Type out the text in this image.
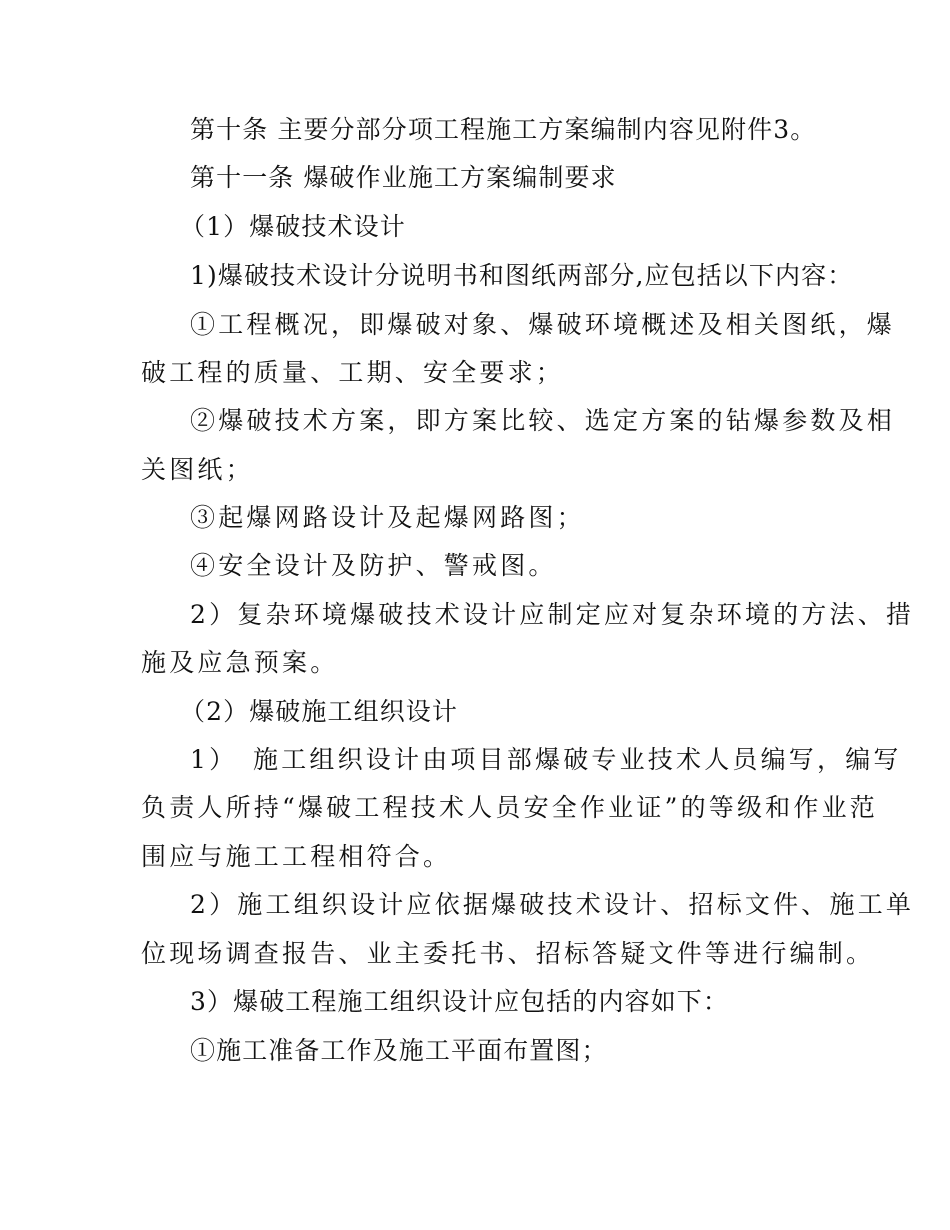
第十条 主要分部分项工程施工方案编制内容见附件3。
第十一条 爆破作业施工方案编制要求
（1）爆破技术设计
1)爆破技术设计分说明书和图纸两部分,应包括以下内容：
①工程概况，即爆破对象、爆破环境概述及相关图纸，爆
破工程的质量、工期、安全要求；
②爆破技术方案，即方案比较、选定方案的钻爆参数及相
关图纸；
③起爆网路设计及起爆网路图；
④安全设计及防护、警戒图。
2）复杂环境爆破技术设计应制定应对复杂环境的方法、措
施及应急预案。
（2）爆破施工组织设计
1）　施工组织设计由项目部爆破专业技术人员编写，编写
负责人所持“爆破工程技术人员安全作业证”的等级和作业范
围应与施工工程相符合。
2）施工组织设计应依据爆破技术设计、招标文件、施工单
位现场调查报告、业主委托书、招标答疑文件等进行编制。
3）爆破工程施工组织设计应包括的内容如下：
①施工准备工作及施工平面布置图；
